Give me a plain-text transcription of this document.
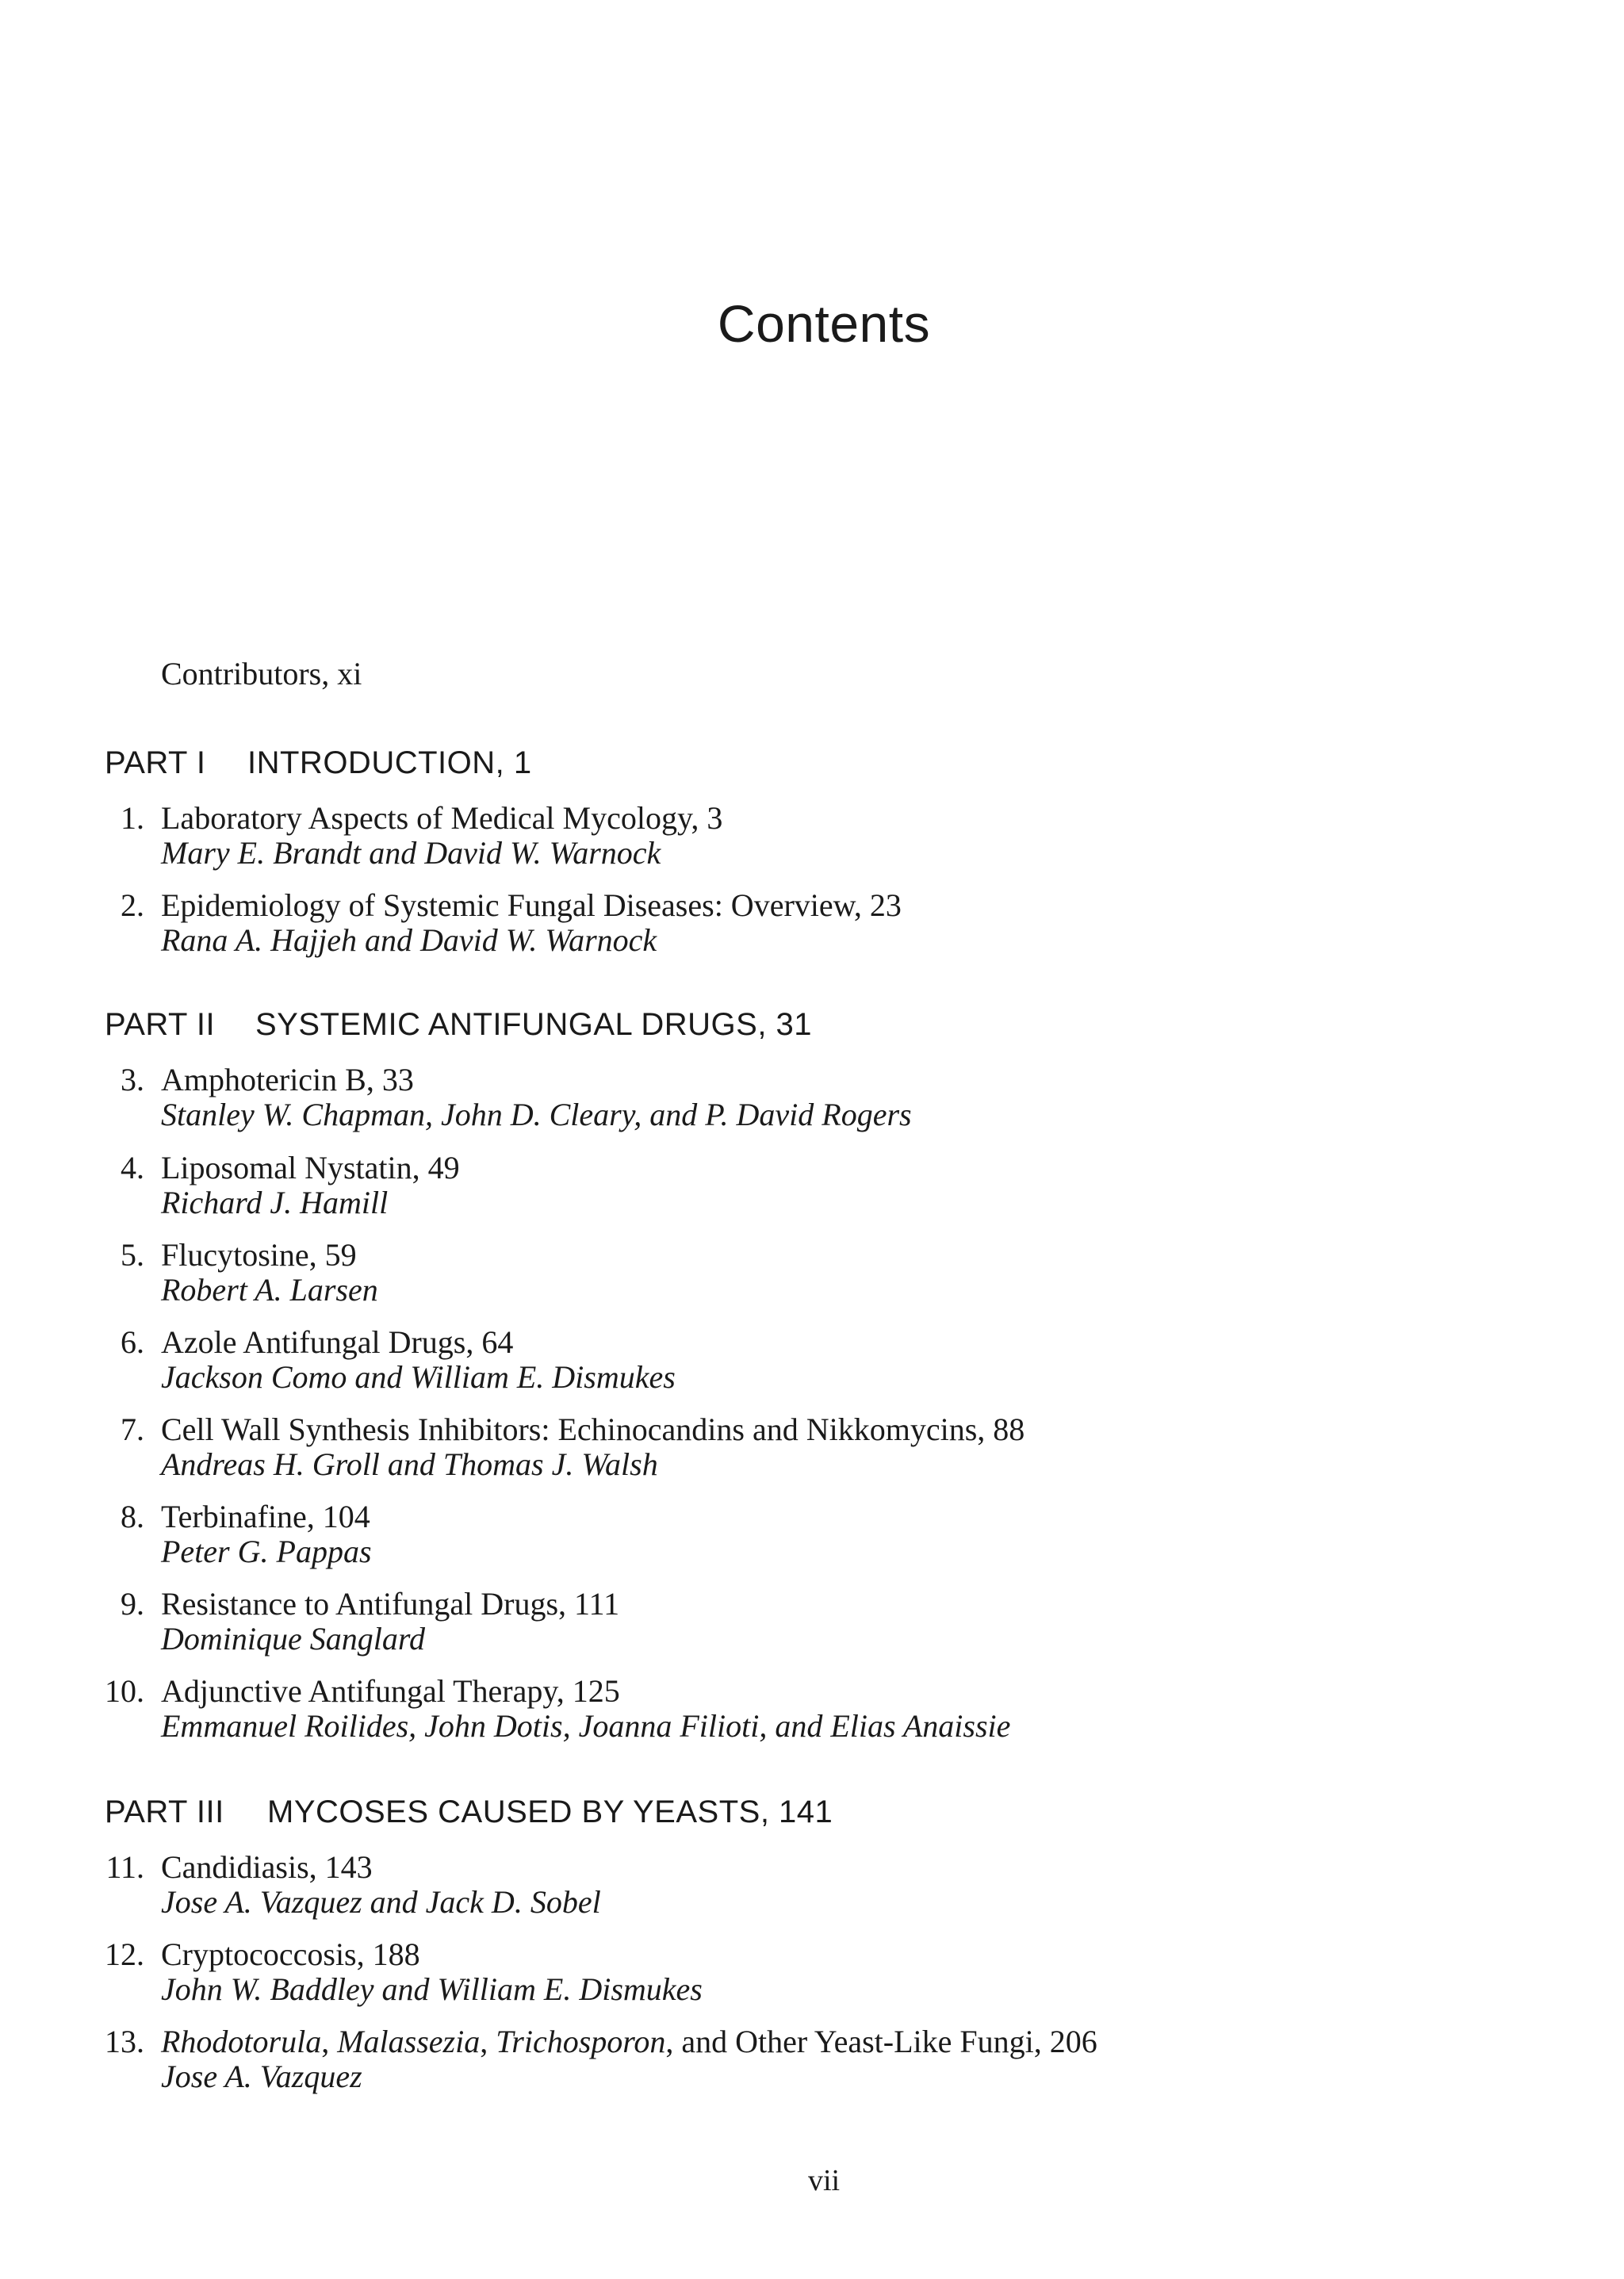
Contents
Contributors, xi
PART I INTRODUCTION, 1
PART II SYSTEMIC ANTIFUNGAL DRUGS, 31
PART III MYCOSES CAUSED BY YEASTS, 141
1. Laboratory Aspects of Medical Mycology, 3
Mary E. Brandt and David W. Warnock
2. Epidemiology of Systemic Fungal Diseases: Overview, 23
Rana A. Hajjeh and David W. Warnock
3. Amphotericin B, 33
Stanley W. Chapman, John D. Cleary, and P. David Rogers
4. Liposomal Nystatin, 49
Richard J. Hamill
5. Flucytosine, 59
Robert A. Larsen
6. Azole Antifungal Drugs, 64
Jackson Como and William E. Dismukes
7. Cell Wall Synthesis Inhibitors: Echinocandins and Nikkomycins, 88
Andreas H. Groll and Thomas J. Walsh
8. Terbinafine, 104
Peter G. Pappas
9. Resistance to Antifungal Drugs, 111
Dominique Sanglard
10. Adjunctive Antifungal Therapy, 125
Emmanuel Roilides, John Dotis, Joanna Filioti, and Elias Anaissie
11. Candidiasis, 143
Jose A. Vazquez and Jack D. Sobel
12. Cryptococcosis, 188
John W. Baddley and William E. Dismukes
13. Rhodotorula, Malassezia, Trichosporon, and Other Yeast-Like Fungi, 206
Jose A. Vazquez
vii
